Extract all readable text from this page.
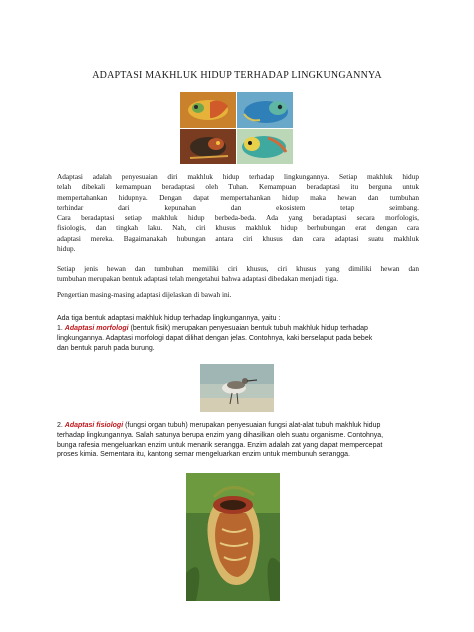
ADAPTASI MAKHLUK HIDUP TERHADAP LINGKUNGANNYA
Adaptasi adalah penyesuaian diri makhluk hidup terhadap lingkungannya. Setiap makhluk hidup
telah dibekali kemampuan beradaptasi oleh Tuhan. Kemampuan beradaptasi itu berguna untuk
mempertahankan hidupnya. Dengan dapat mempertahankan hidup maka hewan dan tumbuhan
terhindar dari kepunahan dan ekosistem tetap seimbang.
Cara beradaptasi setiap makhluk hidup berbeda-beda. Ada yang beradaptasi secara morfologis,
fisiologis, dan tingkah laku. Nah, ciri khusus makhluk hidup berhubungan erat dengan cara
adaptasi mereka. Bagaimanakah hubungan antara ciri khusus dan cara adaptasi suatu makhluk
hidup.
Setiap jenis hewan dan tumbuhan memiliki ciri khusus, ciri khusus yang dimiliki hewan dan
tumbuhan merupakan bentuk adaptasi telah mengetahui bahwa adaptasi dibedakan menjadi tiga.
Pengertian masing-masing adaptasi dijelaskan di bawah ini.
Ada tiga bentuk adaptasi makhluk hidup terhadap lingkungannya, yaitu :
1. Adaptasi morfologi (bentuk fisik) merupakan penyesuaian bentuk tubuh makhluk hidup terhadap
lingkungannya. Adaptasi morfologi dapat dilihat dengan jelas. Contohnya, kaki berselaput pada bebek
dan bentuk paruh pada burung.
2. Adaptasi fisiologi (fungsi organ tubuh) merupakan penyesuaian fungsi alat-alat tubuh makhluk hidup
terhadap lingkungannya. Salah satunya berupa enzim yang dihasilkan oleh suatu organisme. Contohnya,
bunga rafesia mengeluarkan enzim untuk menarik serangga. Enzim adalah zat yang dapat mempercepat
proses kimia. Sementara itu, kantong semar mengeluarkan enzim untuk membunuh serangga.
